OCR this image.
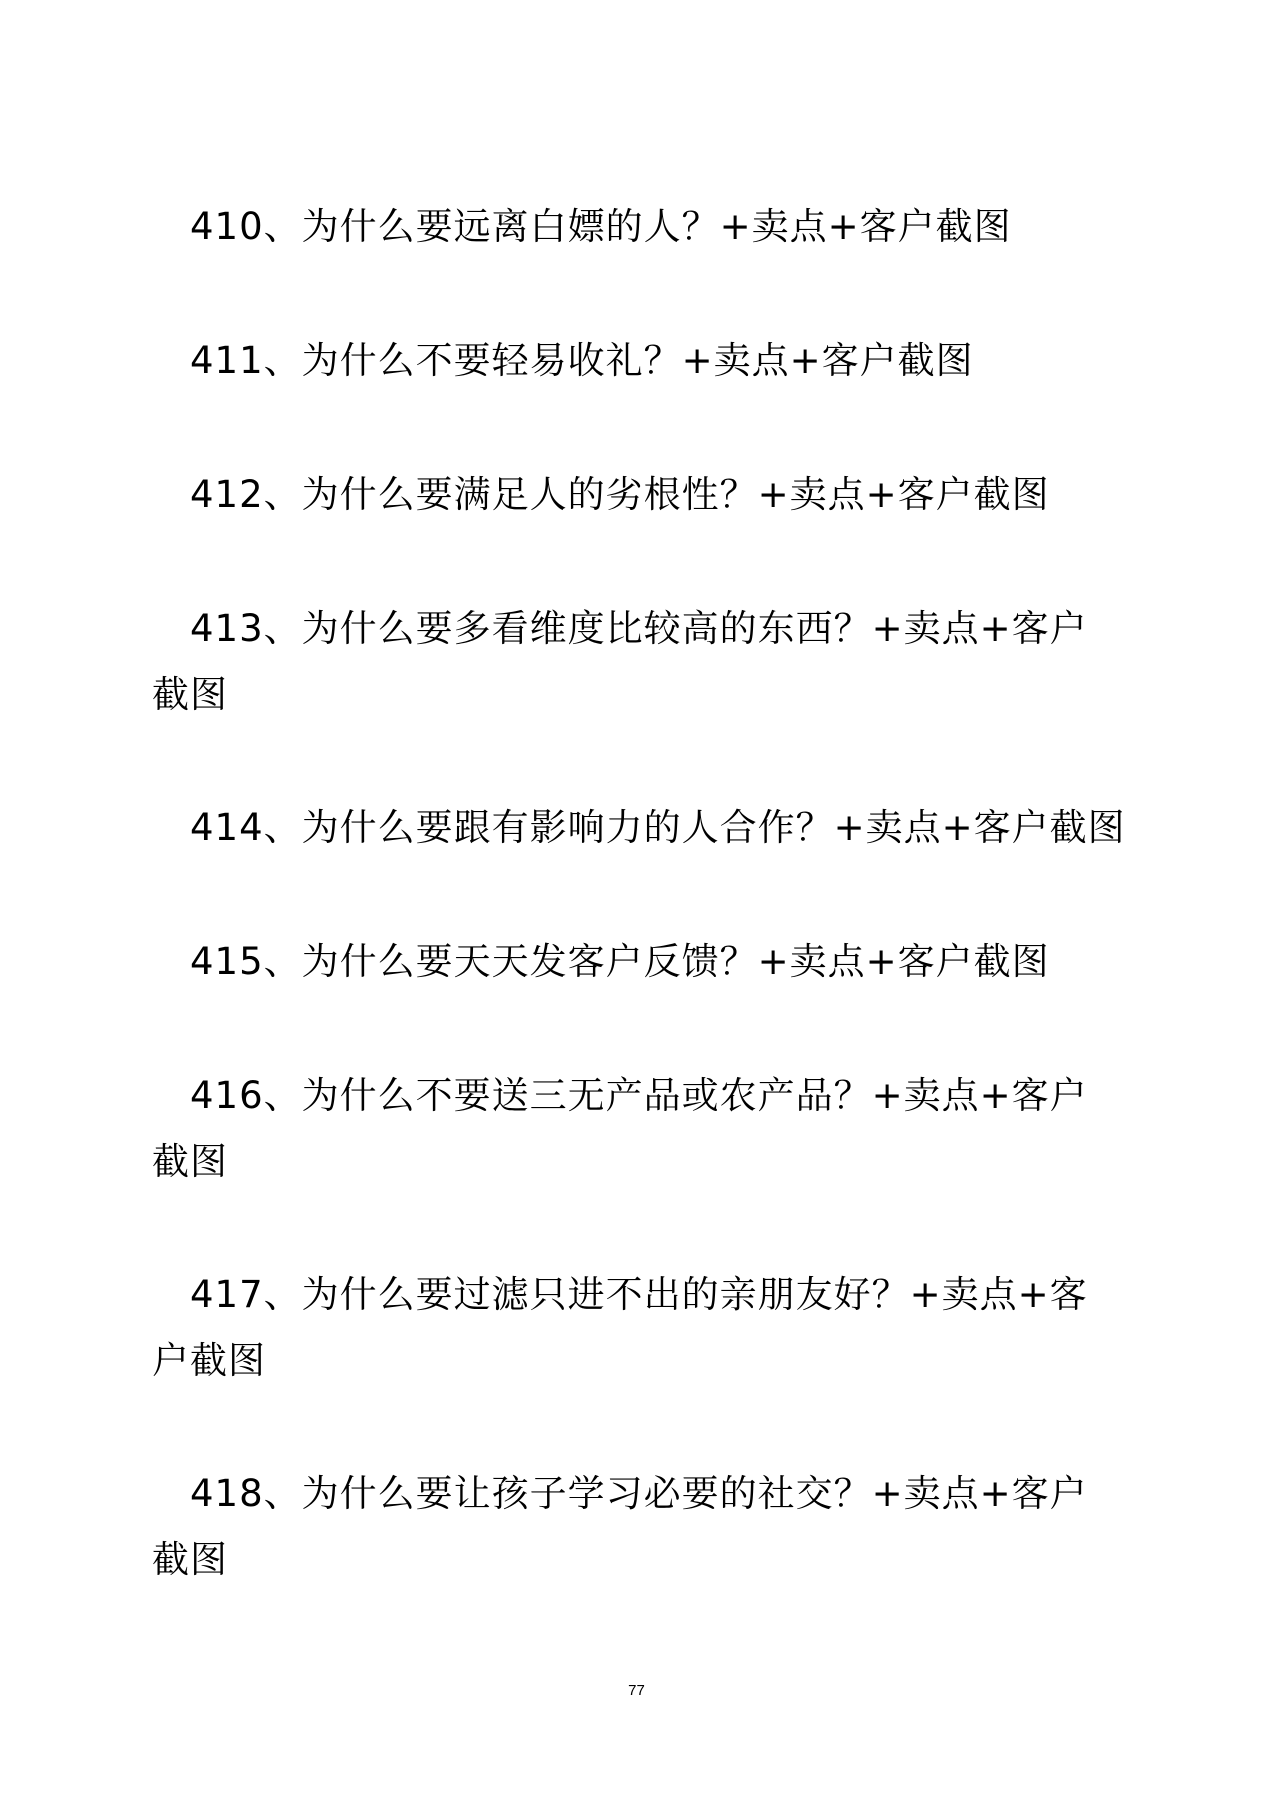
410、为什么要远离白嫖的人？+卖点+客户截图

411、为什么不要轻易收礼？+卖点+客户截图

412、为什么要满足人的劣根性？+卖点+客户截图

413、为什么要多看维度比较高的东西？+卖点+客户截图

414、为什么要跟有影响力的人合作？+卖点+客户截图

415、为什么要天天发客户反馈？+卖点+客户截图

416、为什么不要送三无产品或农产品？+卖点+客户截图

417、为什么要过滤只进不出的亲朋友好？+卖点+客户截图

418、为什么要让孩子学习必要的社交？+卖点+客户截图

77
